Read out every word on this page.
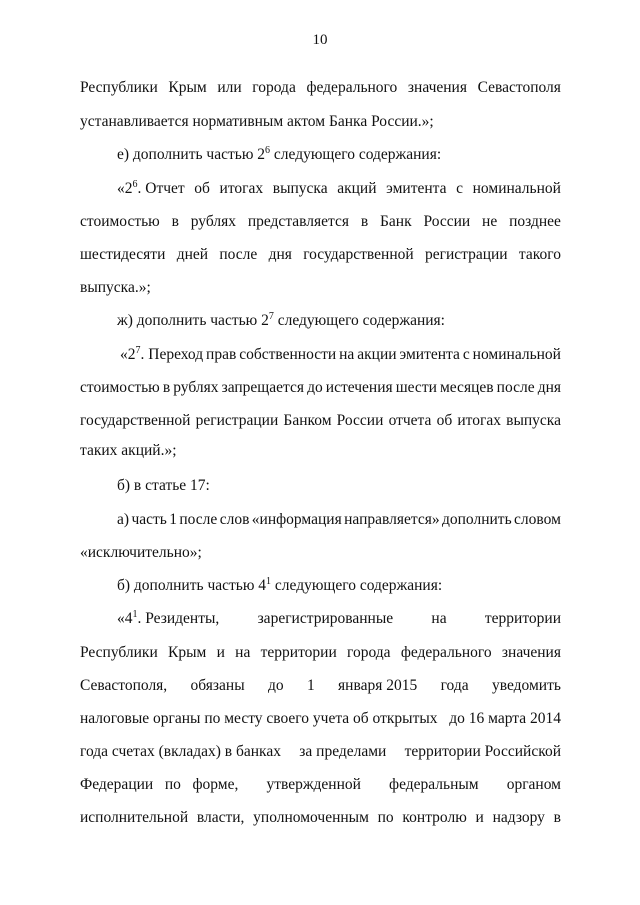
10
Республики Крым или города федерального значения Севастополя
устанавливается нормативным актом Банка России.»;
е) дополнить частью $2^6$ следующего содержания:
«$2^6$. Отчет об итогах выпуска акций эмитента с номинальной
стоимостью в рублях представляется в Банк России не позднее
шестидесяти дней после дня государственной регистрации такого
выпуска.»;
ж) дополнить частью $2^7$ следующего содержания:
«$2^7$. Переход прав собственности на акции эмитента с номинальной
стоимостью в рублях запрещается до истечения шести месяцев после дня
государственной регистрации Банком России отчета об итогах выпуска
таких акций.»;
б) в статье 17:
а) часть 1 после слов «информация направляется» дополнить словом
«исключительно»;
б) дополнить частью $4^1$ следующего содержания:
«$4^1$. Резиденты, зарегистрированные на территории
Республики Крым и на территории города федерального значения
Севастополя, обязаны до 1 января 2015 года уведомить
налоговые органы по месту своего учета об открытых до 16 марта 2014
года счетах (вкладах) в банках за пределами территории Российской
Федерации по форме, утвержденной федеральным органом
исполнительной власти, уполномоченным по контролю и надзору в
